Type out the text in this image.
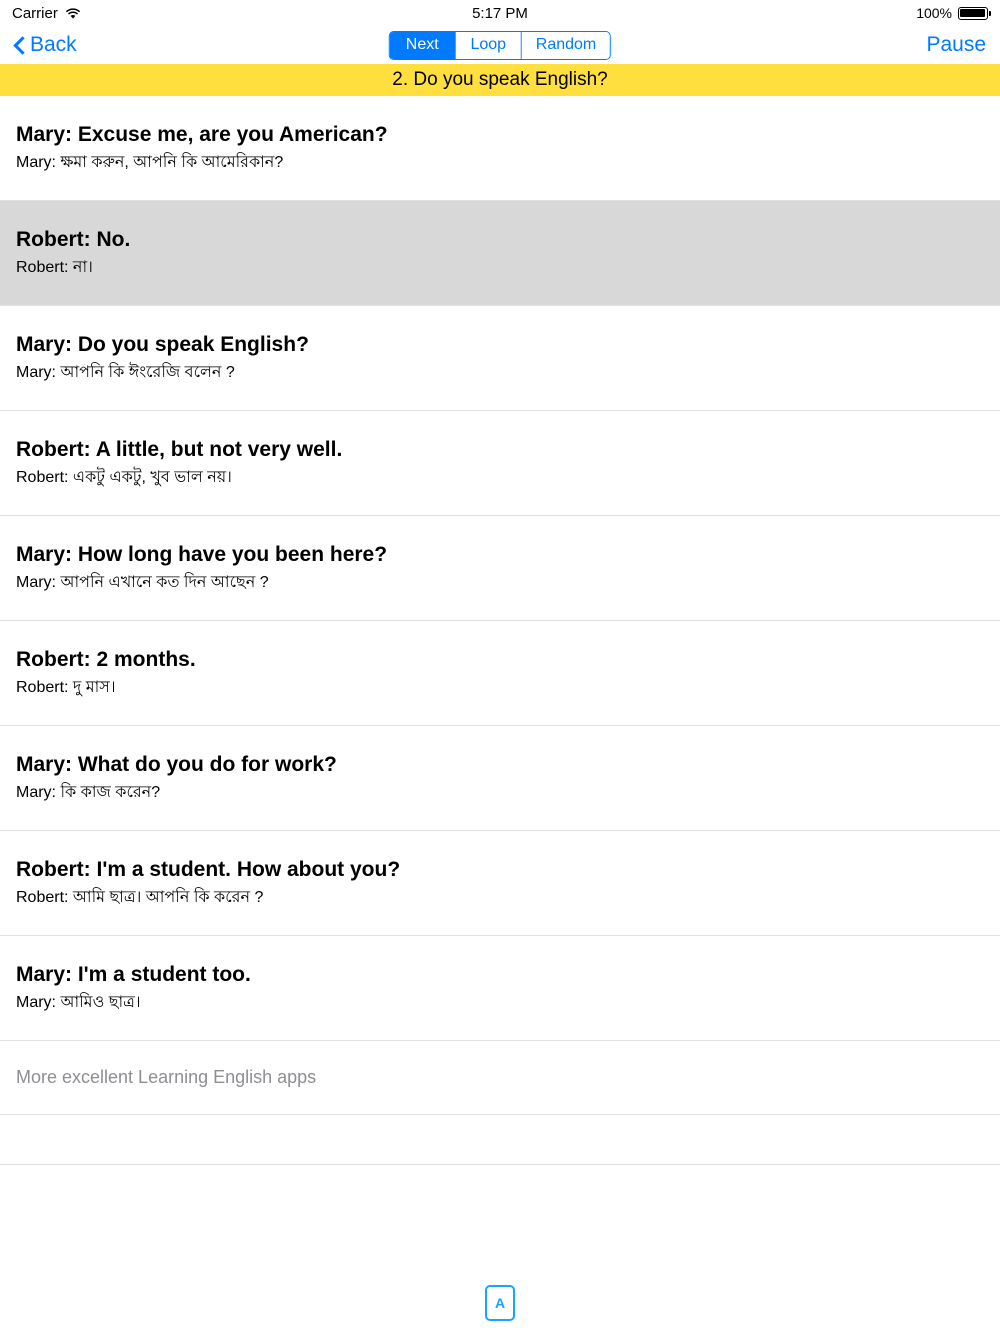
Carrier	5:17 PM	100%
Back	Next	Loop	Random	Pause
2. Do you speak English?
Mary: Excuse me, are you American?
Mary: ক্ষমা করুন, আপনি কি আমেরিকান?
Robert: No.
Robert: না।
Mary: Do you speak English?
Mary: আপনি কি ঈংরেজি বলেন ?
Robert: A little, but not very well.
Robert: একটু একটু, খুব ভাল নয়।
Mary: How long have you been here?
Mary: আপনি এখানে কত দিন আছেন ?
Robert: 2 months.
Robert: দু মাস।
Mary: What do you do for work?
Mary: কি কাজ করেন?
Robert: I'm a student. How about you?
Robert: আমি ছাত্র। আপনি কি করেন ?
Mary: I'm a student too.
Mary: আমিও ছাত্র।
More excellent Learning English apps
A
